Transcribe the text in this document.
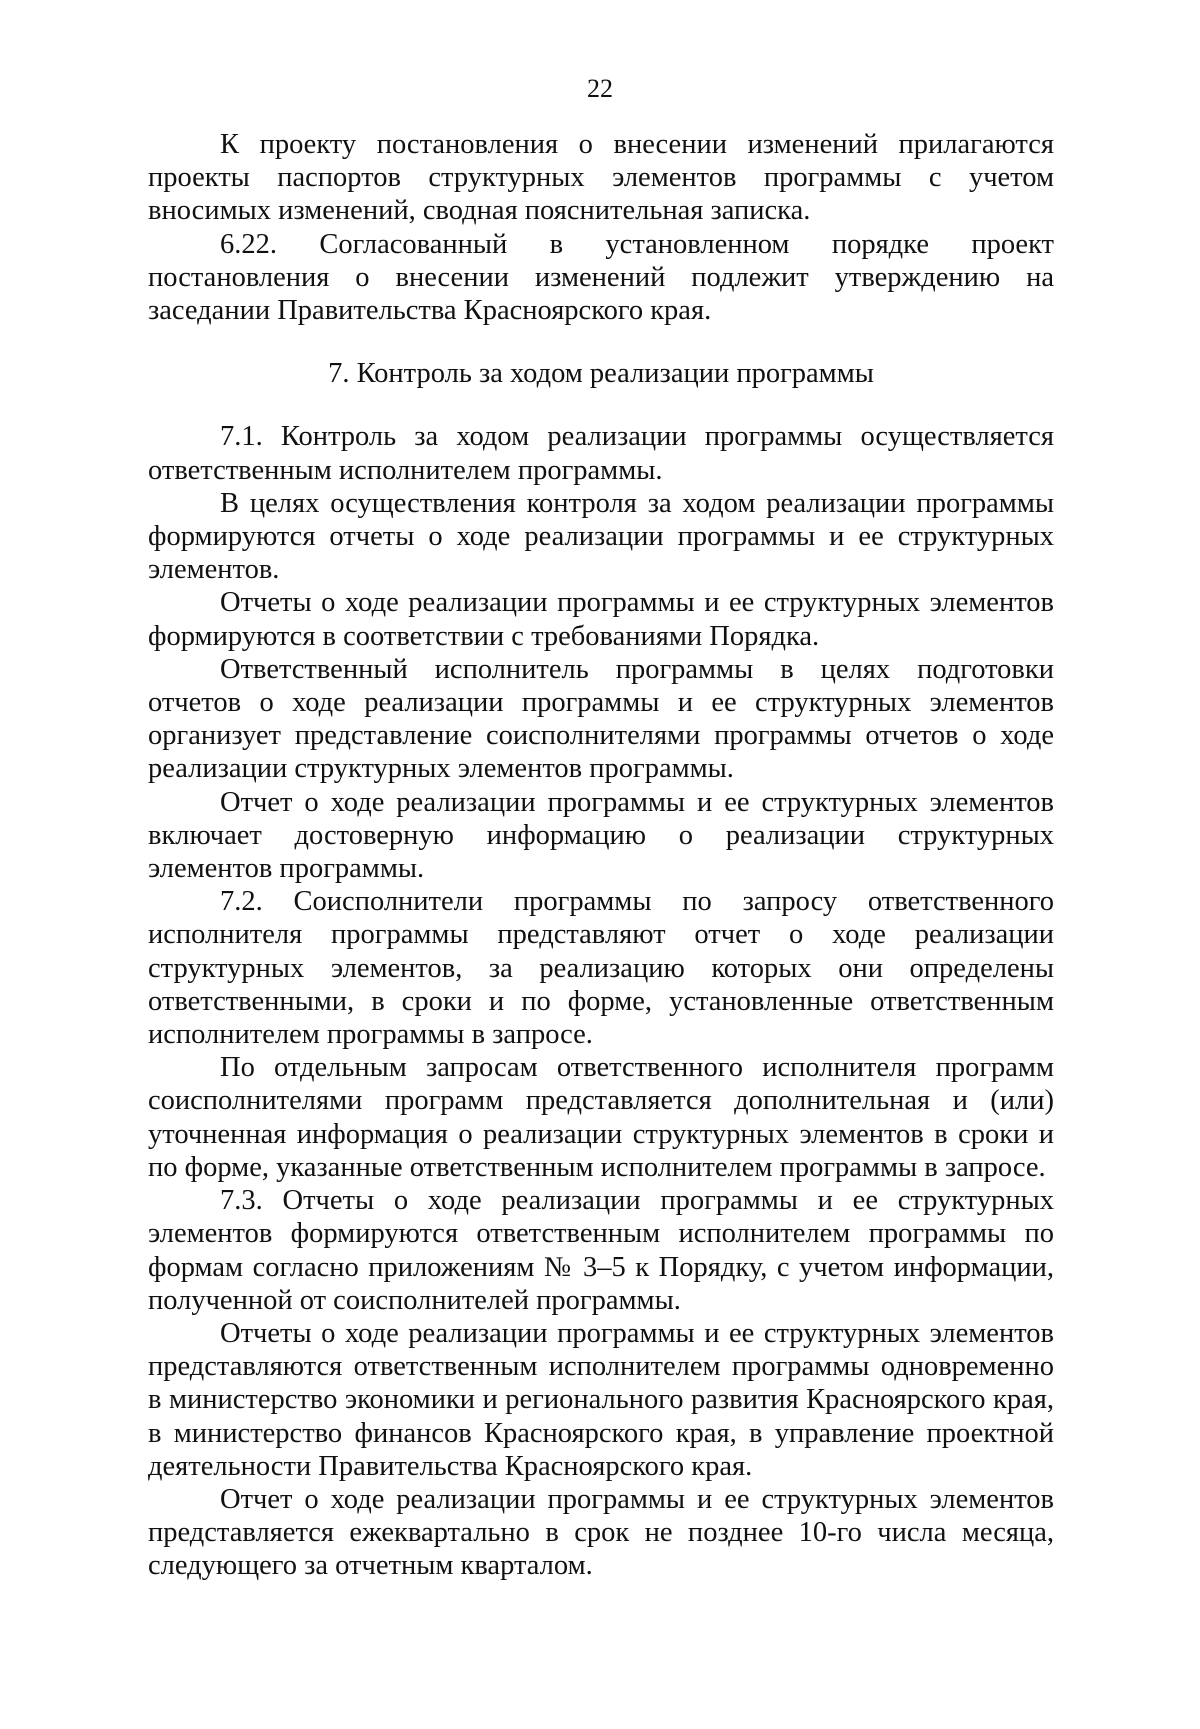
22

К проекту постановления о внесении изменений прилагаются проекты паспортов структурных элементов программы с учетом вносимых изменений, сводная пояснительная записка.

6.22. Согласованный в установленном порядке проект постановления о внесении изменений подлежит утверждению на заседании Правительства Красноярского края.

7. Контроль за ходом реализации программы

7.1. Контроль за ходом реализации программы осуществляется ответственным исполнителем программы.

В целях осуществления контроля за ходом реализации программы формируются отчеты о ходе реализации программы и ее структурных элементов.

Отчеты о ходе реализации программы и ее структурных элементов формируются в соответствии с требованиями Порядка.

Ответственный исполнитель программы в целях подготовки отчетов о ходе реализации программы и ее структурных элементов организует представление соисполнителями программы отчетов о ходе реализации структурных элементов программы.

Отчет о ходе реализации программы и ее структурных элементов включает достоверную информацию о реализации структурных элементов программы.

7.2. Соисполнители программы по запросу ответственного исполнителя программы представляют отчет о ходе реализации структурных элементов, за реализацию которых они определены ответственными, в сроки и по форме, установленные ответственным исполнителем программы в запросе.

По отдельным запросам ответственного исполнителя программ соисполнителями программ представляется дополнительная и (или) уточненная информация о реализации структурных элементов в сроки и по форме, указанные ответственным исполнителем программы в запросе.

7.3. Отчеты о ходе реализации программы и ее структурных элементов формируются ответственным исполнителем программы по формам согласно приложениям № 3–5 к Порядку, с учетом информации, полученной от соисполнителей программы.

Отчеты о ходе реализации программы и ее структурных элементов представляются ответственным исполнителем программы одновременно в министерство экономики и регионального развития Красноярского края, в министерство финансов Красноярского края, в управление проектной деятельности Правительства Красноярского края.

Отчет о ходе реализации программы и ее структурных элементов представляется ежеквартально в срок не позднее 10-го числа месяца, следующего за отчетным кварталом.
